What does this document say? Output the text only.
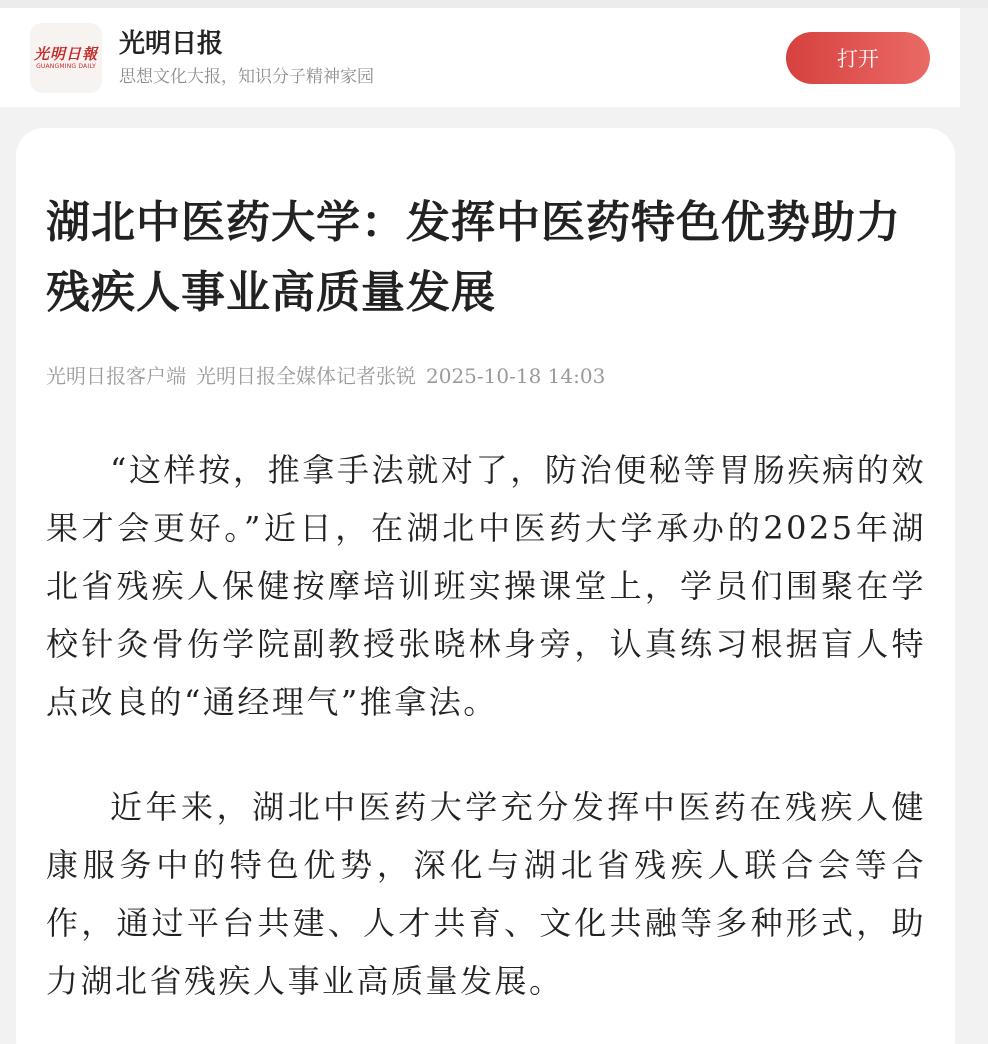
光明日報
GUANGMING DAILY
光明日报
思想文化大报，知识分子精神家园
打开
湖北中医药大学：发挥中医药特色优势助力残疾人事业高质量发展
光明日报客户端 光明日报全媒体记者张锐 2025-10-18 14:03

“这样按，推拿手法就对了，防治便秘等胃肠疾病的效果才会更好。”近日，在湖北中医药大学承办的2025年湖北省残疾人保健按摩培训班实操课堂上，学员们围聚在学校针灸骨伤学院副教授张晓林身旁，认真练习根据盲人特点改良的“通经理气”推拿法。

近年来，湖北中医药大学充分发挥中医药在残疾人健康服务中的特色优势，深化与湖北省残疾人联合会等合作，通过平台共建、人才共育、文化共融等多种形式，助力湖北省残疾人事业高质量发展。
